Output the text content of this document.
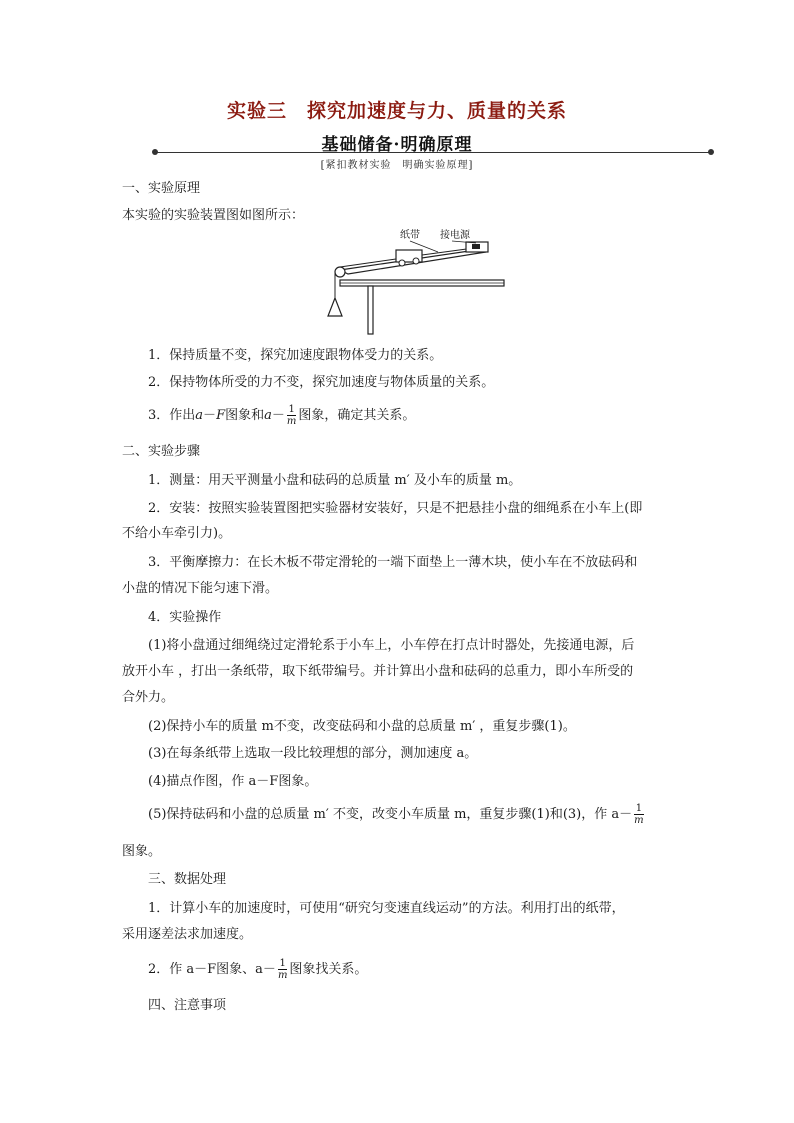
实验三　探究加速度与力、质量的关系
基础储备·明确原理
[紧扣教材实验　明确实验原理]
一、实验原理
本实验的实验装置图如图所示：
纸带 接电源
1．保持质量不变，探究加速度跟物体受力的关系。
2．保持物体所受的力不变，探究加速度与物体质量的关系。
3．作出a－F图象和$a- \frac{1}{m}$ 图象，确定其关系。
二、实验步骤
1．测量：用天平测量小盘和砝码的总质量 m′ 及小车的质量 m。
2．安装：按照实验装置图把实验器材安装好，只是不把悬挂小盘的细绳系在小车上(即
不给小车牵引力)。
3．平衡摩擦力：在长木板不带定滑轮的一端下面垫上一薄木块，使小车在不放砝码和
小盘的情况下能匀速下滑。
4．实验操作
(1)将小盘通过细绳绕过定滑轮系于小车上，小车停在打点计时器处，先接通电源，后
放开小车 ，打出一条纸带，取下纸带编号。并计算出小盘和砝码的总重力，即小车所受的
合外力。
(2)保持小车的质量 m不变，改变砝码和小盘的总质量 m′ ，重复步骤(1)。
(3)在每条纸带上选取一段比较理想的部分，测加速度 a。
(4)描点作图，作 a－F图象。
(5)保持砝码和小盘的总质量 m′ 不变，改变小车质量 m，重复步骤(1)和(3)，作 $a- \frac{1}{m}$
图象。
三、数据处理
1．计算小车的加速度时，可使用“研究匀变速直线运动”的方法。利用打出的纸带，
采用逐差法求加速度。
2．作 a－F图象、$a- \frac{1}{m}$ 图象找关系。
四、注意事项
